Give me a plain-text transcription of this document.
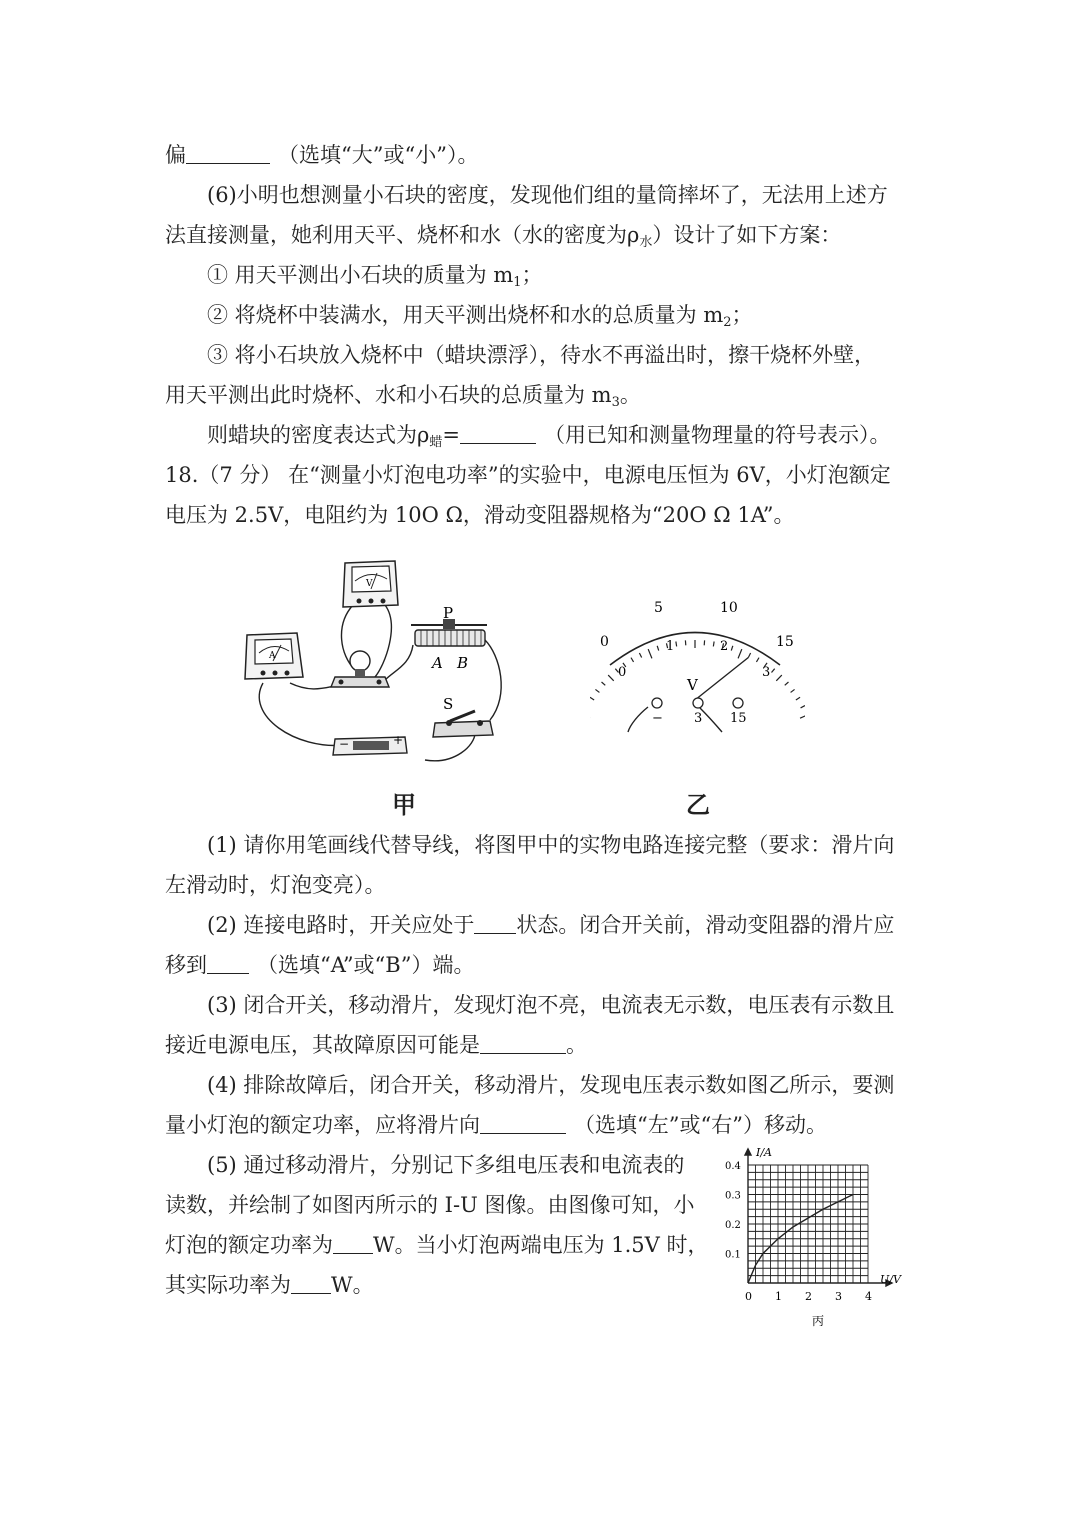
偏	（选填“大”或“小”）。
(6)小明也想测量小石块的密度，发现他们组的量筒摔坏了，无法用上述方
法直接测量，她利用天平、烧杯和水（水的密度为$\rho_水$）设计了如下方案：
① 用天平测出小石块的质量为 $m_1$；
② 将烧杯中装满水，用天平测出烧杯和水的总质量为 $m_2$；
③ 将小石块放入烧杯中（蜡块漂浮），待水不再溢出时，擦干烧杯外壁，
用天平测出此时烧杯、水和小石块的总质量为 $m_3$。
则蜡块的密度表达式为$\rho_蜡=$	（用已知和测量物理量的符号表示）。
18.（7 分） 在“测量小灯泡电功率”的实验中，电源电压恒为 6V，小灯泡额定
电压为 2.5V，电阻约为 10O Ω，滑动变阻器规格为“20O Ω 1A”。
A
V
P
A B
S
−	+
甲
0
5	10
15
0
1	2
3
V
− 3 15
乙
(1) 请你用笔画线代替导线，将图甲中的实物电路连接完整（要求：滑片向
左滑动时，灯泡变亮）。
(2) 连接电路时，开关应处于 状态。闭合开关前，滑动变阻器的滑片应
移到 （选填“A”或“B”）端。
(3) 闭合开关，移动滑片，发现灯泡不亮，电流表无示数，电压表有示数且
接近电源电压，其故障原因可能是	。
(4) 排除故障后，闭合开关，移动滑片，发现电压表示数如图乙所示，要测
量小灯泡的额定功率，应将滑片向	（选填“左”或“右”）移动。
(5) 通过移动滑片，分别记下多组电压表和电流表的
读数，并绘制了如图丙所示的 I-U 图像。由图像可知，小
灯泡的额定功率为 W。当小灯泡两端电压为 1.5V 时，
其实际功率为 W。	0 1 2 3 4
0.1
0.2
0.3
0.4
I/A
U/V
丙
